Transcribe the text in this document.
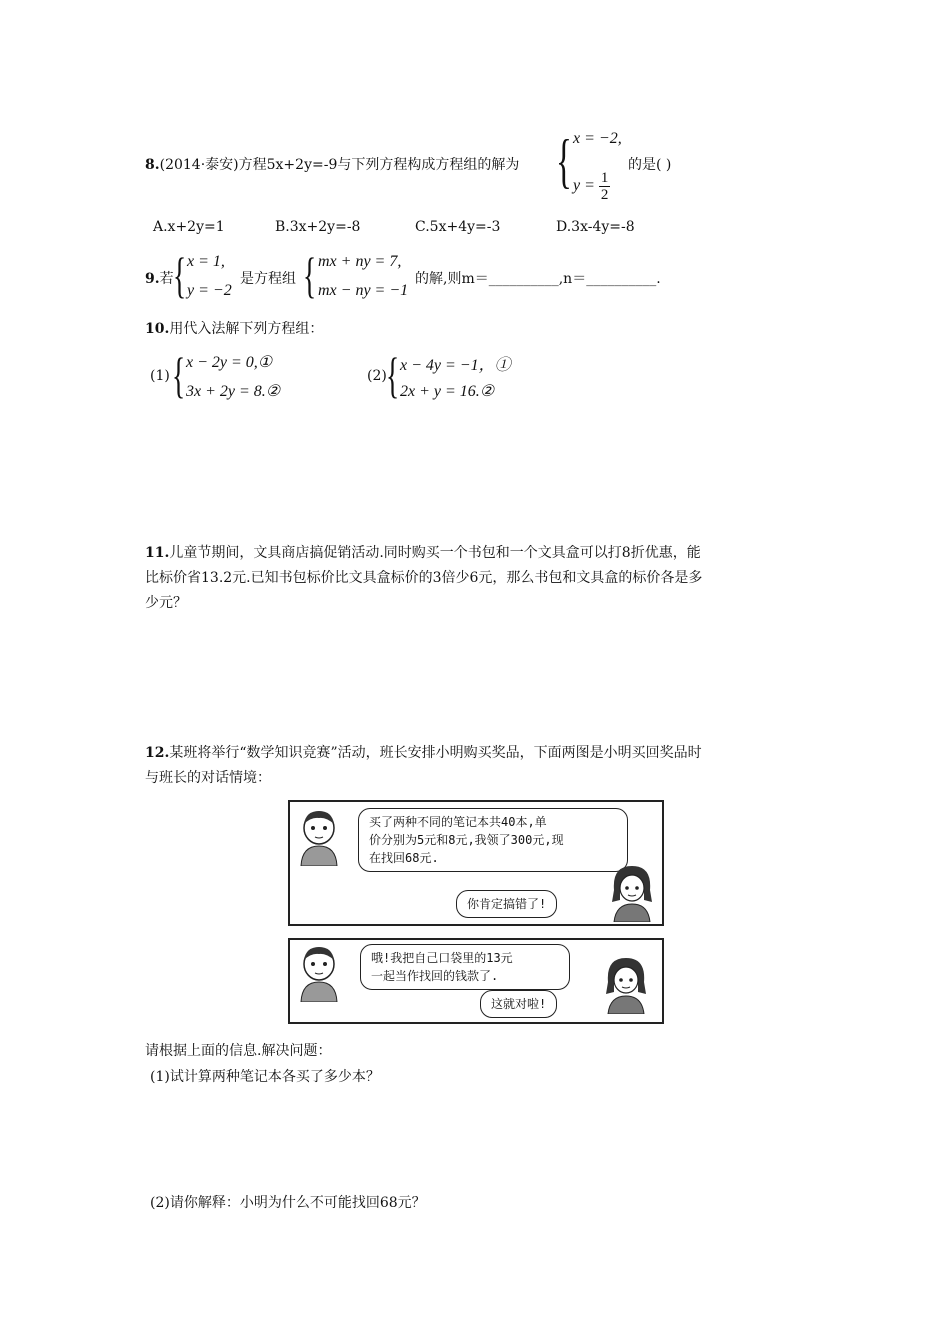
8.(2014·泰安)方程5x+2y=-9与下列方程构成方程组的解为 { x = −2,
$y = \frac{1}{2}$
的是( )
A.x+2y=1	B.3x+2y=-8	C.5x+4y=-3	D.3x-4y=-8
9.若 { x = 1,
y = −2
是方程组 { mx + ny = 7,
mx − ny = −1
的解,则m＝__________,n＝__________.
10.用代入法解下列方程组：
(1) { x − 2y = 0,①
3x + 2y = 8.②
(2) { x − 4y = −1，①
2x + y = 16.②
11.儿童节期间，文具商店搞促销活动.同时购买一个书包和一个文具盒可以打8折优惠，能
比标价省13.2元.已知书包标价比文具盒标价的3倍少6元，那么书包和文具盒的标价各是多
少元？
12.某班将举行“数学知识竞赛”活动，班长安排小明购买奖品，下面两图是小明买回奖品时
与班长的对话情境：
买了两种不同的笔记本共40本,单
价分别为5元和8元,我领了300元,现
在找回68元.
你肯定搞错了!
哦!我把自己口袋里的13元
一起当作找回的钱款了.
这就对啦!
请根据上面的信息.解决问题：
(1)试计算两种笔记本各买了多少本？
(2)请你解释：小明为什么不可能找回68元？
